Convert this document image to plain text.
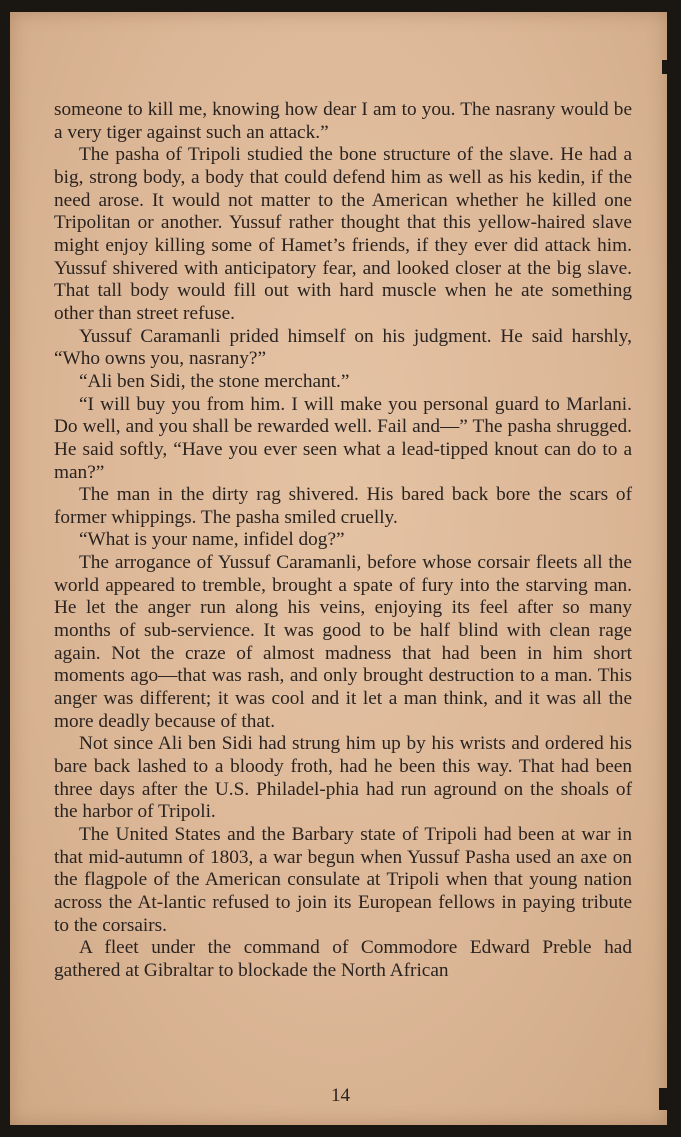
someone to kill me, knowing how dear I am to you. The nasrany would be a very tiger against such an attack.”

The pasha of Tripoli studied the bone structure of the slave. He had a big, strong body, a body that could defend him as well as his kedin, if the need arose. It would not matter to the American whether he killed one Tripolitan or another. Yussuf rather thought that this yellow-haired slave might enjoy killing some of Hamet’s friends, if they ever did attack him. Yussuf shivered with anticipatory fear, and looked closer at the big slave. That tall body would fill out with hard muscle when he ate something other than street refuse.

Yussuf Caramanli prided himself on his judgment. He said harshly, “Who owns you, nasrany?”

“Ali ben Sidi, the stone merchant.”

“I will buy you from him. I will make you personal guard to Marlani. Do well, and you shall be rewarded well. Fail and—” The pasha shrugged. He said softly, “Have you ever seen what a lead-tipped knout can do to a man?”

The man in the dirty rag shivered. His bared back bore the scars of former whippings. The pasha smiled cruelly.

“What is your name, infidel dog?”

The arrogance of Yussuf Caramanli, before whose corsair fleets all the world appeared to tremble, brought a spate of fury into the starving man. He let the anger run along his veins, enjoying its feel after so many months of sub-servience. It was good to be half blind with clean rage again. Not the craze of almost madness that had been in him short moments ago—that was rash, and only brought destruction to a man. This anger was different; it was cool and it let a man think, and it was all the more deadly because of that.

Not since Ali ben Sidi had strung him up by his wrists and ordered his bare back lashed to a bloody froth, had he been this way. That had been three days after the U.S. Philadel-phia had run aground on the shoals of the harbor of Tripoli.

The United States and the Barbary state of Tripoli had been at war in that mid-autumn of 1803, a war begun when Yussuf Pasha used an axe on the flagpole of the American consulate at Tripoli when that young nation across the At-lantic refused to join its European fellows in paying tribute to the corsairs.

A fleet under the command of Commodore Edward Preble had gathered at Gibraltar to blockade the North African

14
